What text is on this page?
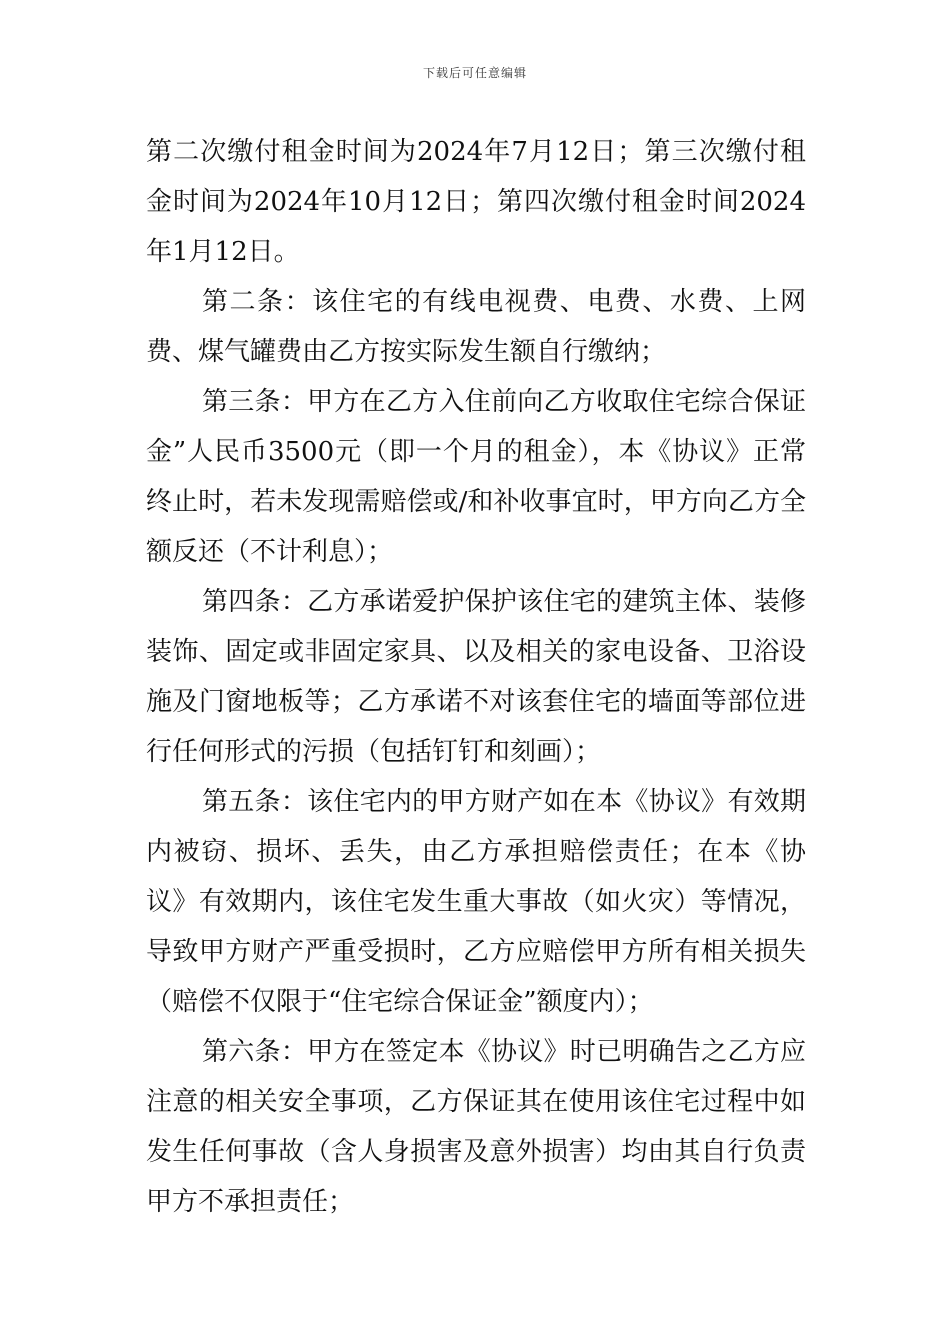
下载后可任意编辑

第二次缴付租金时间为2024年7月12日；第三次缴付租金时间为2024年10月12日；第四次缴付租金时间2024年1月12日。

第二条：该住宅的有线电视费、电费、水费、上网费、煤气罐费由乙方按实际发生额自行缴纳；

第三条：甲方在乙方入住前向乙方收取住宅综合保证金”人民币3500元（即一个月的租金），本《协议》正常终止时，若未发现需赔偿或/和补收事宜时，甲方向乙方全额反还（不计利息）；

第四条：乙方承诺爱护保护该住宅的建筑主体、装修装饰、固定或非固定家具、以及相关的家电设备、卫浴设施及门窗地板等；乙方承诺不对该套住宅的墙面等部位进行任何形式的污损（包括钉钉和刻画）；

第五条：该住宅内的甲方财产如在本《协议》有效期内被窃、损坏、丢失，由乙方承担赔偿责任；在本《协议》有效期内，该住宅发生重大事故（如火灾）等情况，导致甲方财产严重受损时，乙方应赔偿甲方所有相关损失（赔偿不仅限于“住宅综合保证金”额度内）；

第六条：甲方在签定本《协议》时已明确告之乙方应注意的相关安全事项，乙方保证其在使用该住宅过程中如发生任何事故（含人身损害及意外损害）均由其自行负责甲方不承担责任；
